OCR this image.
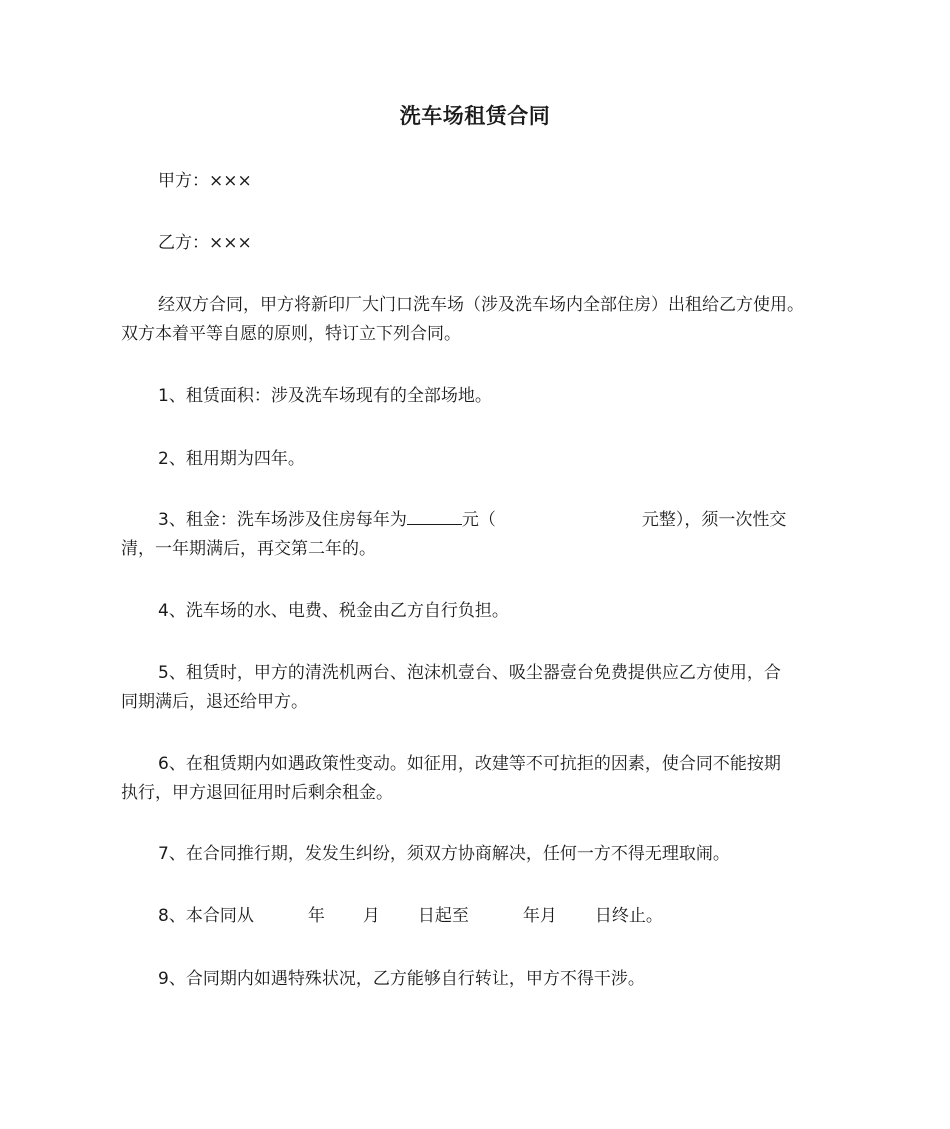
洗车场租赁合同

甲方：×××

乙方：×××

经双方合同，甲方将新印厂大门口洗车场（涉及洗车场内全部住房）出租给乙方使用。
双方本着平等自愿的原则，特订立下列合同。

1、租赁面积：涉及洗车场现有的全部场地。

2、租用期为四年。

3、租金：洗车场涉及住房每年为	元（	元整），须一次性交
清，一年期满后，再交第二年的。

4、洗车场的水、电费、税金由乙方自行负担。

5、租赁时，甲方的清洗机两台、泡沫机壹台、吸尘器壹台免费提供应乙方使用，合
同期满后，退还给甲方。

6、在租赁期内如遇政策性变动。如征用，改建等不可抗拒的因素，使合同不能按期
执行，甲方退回征用时后剩余租金。

7、在合同推行期，发发生纠纷，须双方协商解决，任何一方不得无理取闹。

8、本合同从	年 月 日起至	年月 日终止。

9、合同期内如遇特殊状况，乙方能够自行转让，甲方不得干涉。
